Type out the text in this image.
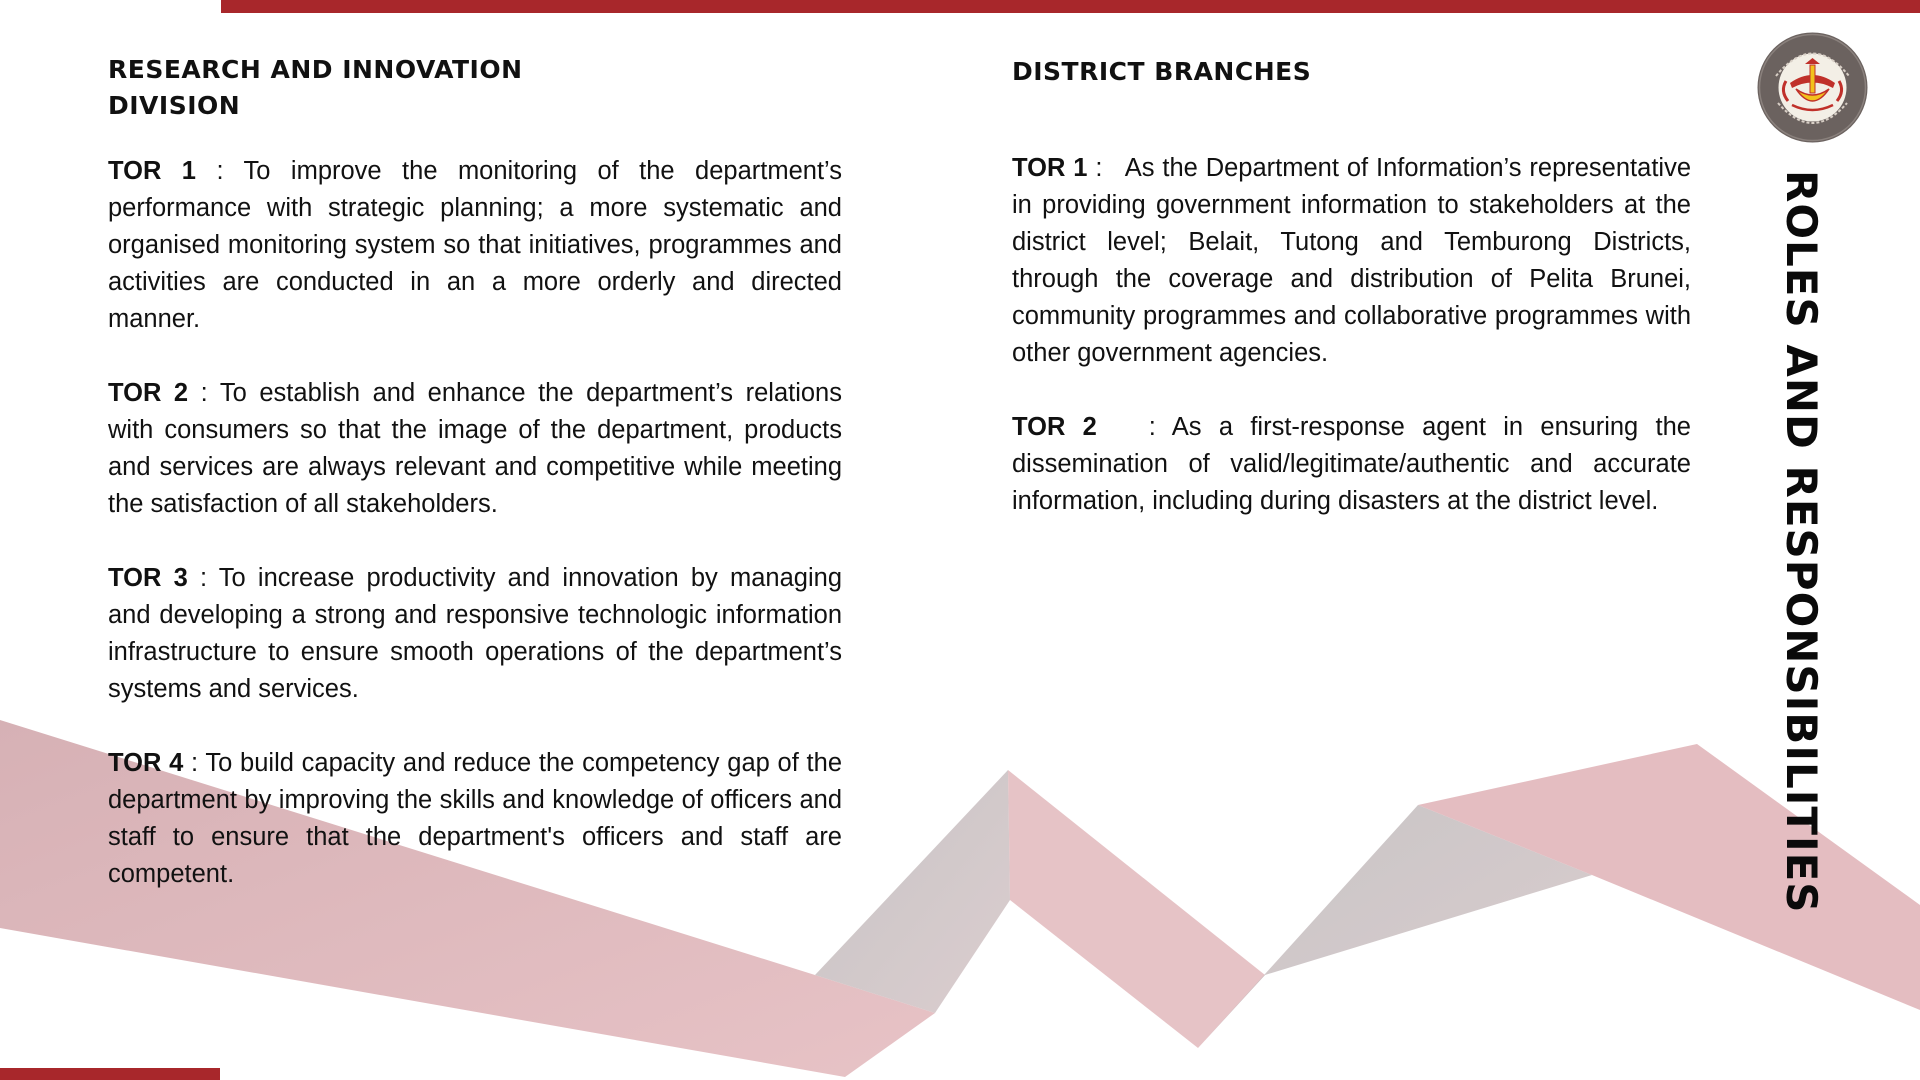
RESEARCH AND INNOVATION
DIVISION

TOR 1 : To improve the monitoring of the department’s performance with strategic planning; a more systematic and organised monitoring system so that initiatives, programmes and activities are conducted in an a more orderly and directed manner.

TOR 2 : To establish and enhance the department’s relations with consumers so that the image of the department, products and services are always relevant and competitive while meeting the satisfaction of all stakeholders.

TOR 3 : To increase productivity and innovation by managing and developing a strong and responsive technologic information infrastructure to ensure smooth operations of the department’s systems and services.

TOR 4 : To build capacity and reduce the competency gap of the department by improving the skills and knowledge of officers and staff to ensure that the department's officers and staff are competent.

DISTRICT BRANCHES

TOR 1 :   As the Department of Information’s representative in providing government information to stakeholders at the district level; Belait, Tutong and Temburong Districts, through the coverage and distribution of Pelita Brunei, community programmes and collaborative programmes with other government agencies.

TOR 2   : As a first-response agent in ensuring the dissemination of valid/legitimate/authentic and accurate information, including during disasters at the district level.	ROLES AND RESPONSIBILITIES
